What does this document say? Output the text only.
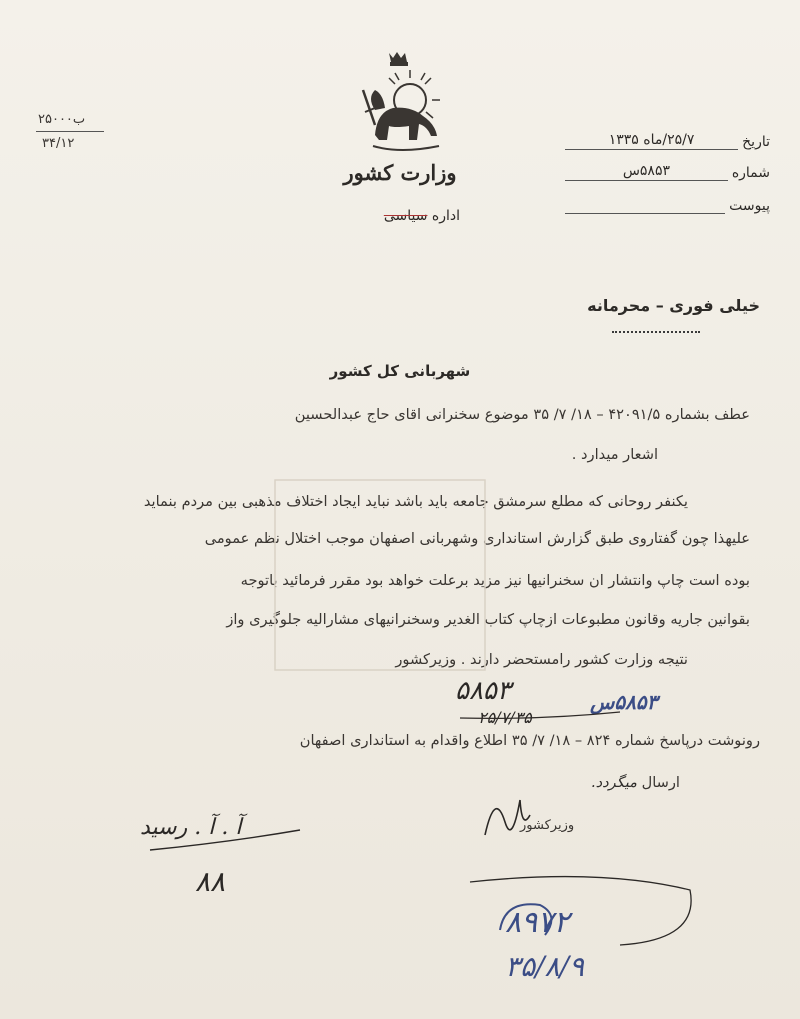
وزارت کشور
اداره سیاسی
۲۵۰۰۰ب
۳۴/۱۲	تاریخ
۲۵/۷/ماه ۱۳۳۵
شماره
۵۸۵۳س
پیوست
خیلی فوری – محرمانه
شهربانی کل کشور
عطف بشماره ۴۲۰۹۱/۵ – ۱۸/ ۷/ ۳۵ موضوع سخنرانی اقای حاج عبدالحسین
اشعار میدارد .
یکنفر روحانی که مطلع سرمشق جامعه باید باشد نباید ایجاد اختلاف مذهبی بین مردم بنماید
علیهذا چون گفتاروی طبق گزارش استانداری وشهربانی اصفهان موجب اختلال نظم عمومی
بوده است چاپ وانتشار ان سخنرانیها نیز مزید برعلت خواهد بود مقرر فرمائید باتوجه
بقوانین جاریه وقانون مطبوعات ازچاپ کتاب الغدیر وسخنرانیهای مشارالیه جلوگیری واز
نتیجه وزارت کشور رامستحضر دارند . وزیرکشور
۵۸۵۳	۵۸۵۳س
۲۵/۷/۳۵
رونوشت درپاسخ شماره ۸۲۴ – ۱۸/ ۷/ ۳۵ اطلاع واقدام به استانداری اصفهان
ارسال میگردد.
وزیرکشور
آ . آ . رسید
۸۸
۸۹۷۲
۳۵/۸/۹
